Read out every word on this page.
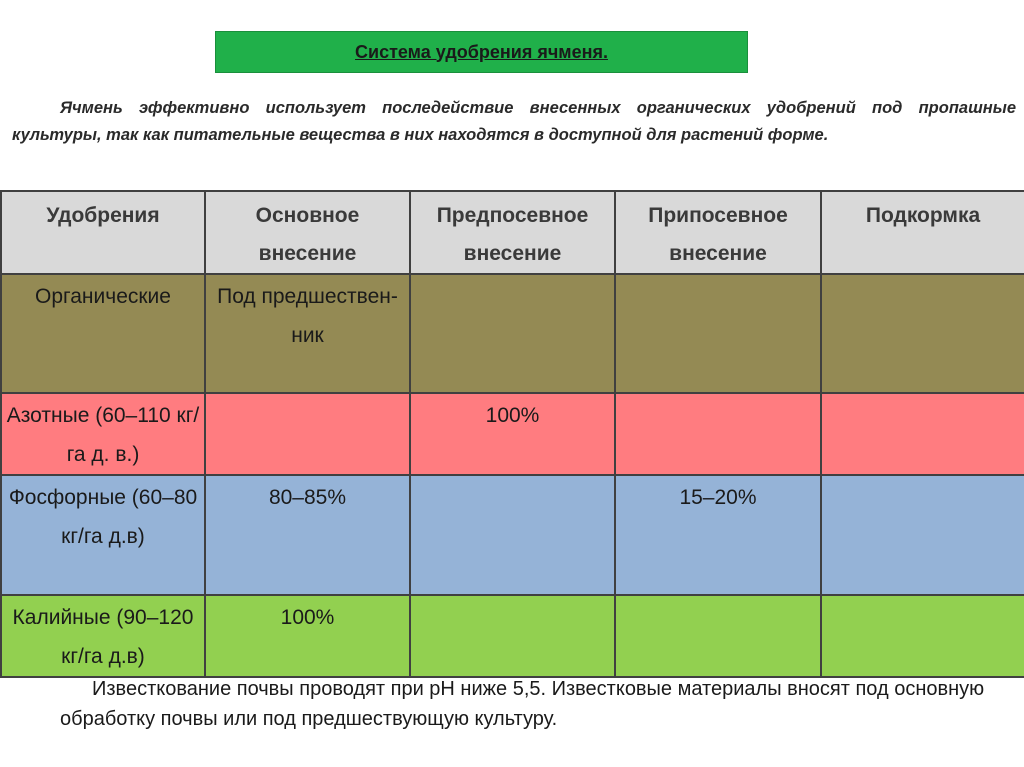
Система удобрения ячменя.

Ячмень эффективно использует последействие внесенных органических удобрений под пропашные культуры, так как питательные вещества в них находятся в доступной для растений форме.

Удобрения	Основное внесение	Предпосевное внесение	Припосевное внесение	Подкормка
Органические	Под предшествен-ник			
Азотные (60–110 кг/га д. в.)		100%		
Фосфорные (60–80 кг/га д.в)	80–85%		15–20%	
Калийные (90–120 кг/га д.в)	100%			

Известкование почвы проводят при рН ниже 5,5. Известковые материалы вносят под основную обработку почвы или под предшествующую культуру.
